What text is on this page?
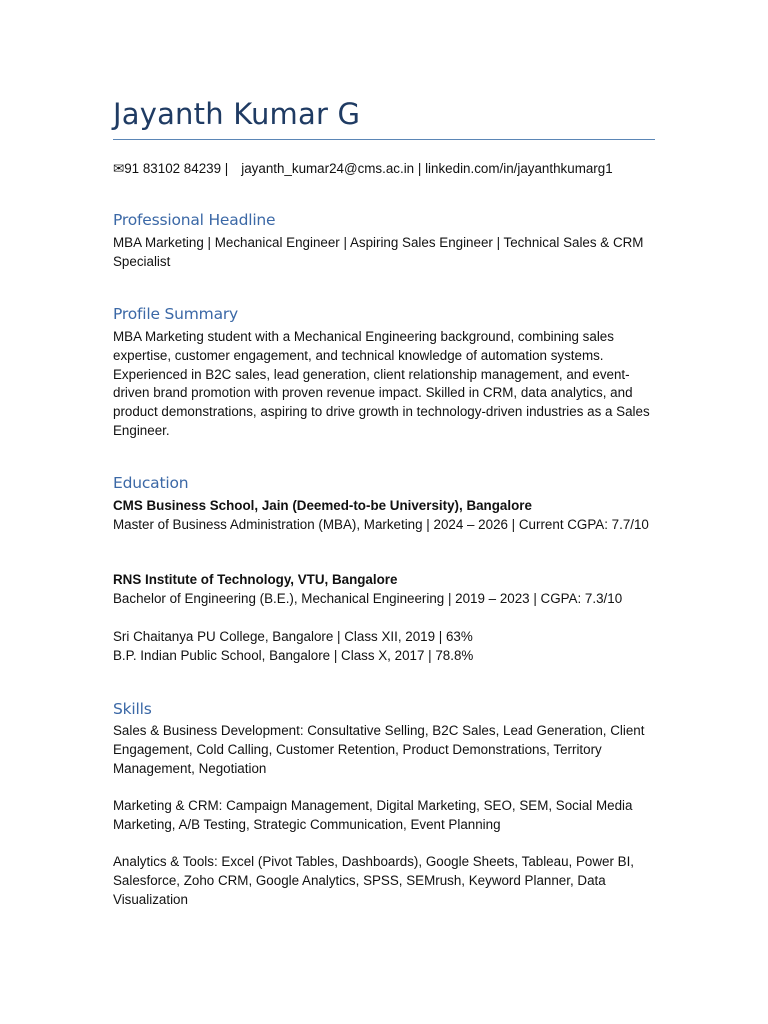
Jayanth Kumar G
✉91 83102 84239 | jayanth_kumar24@cms.ac.in | linkedin.com/in/jayanthkumarg1
Professional Headline
MBA Marketing | Mechanical Engineer | Aspiring Sales Engineer | Technical Sales & CRM Specialist
Profile Summary
MBA Marketing student with a Mechanical Engineering background, combining sales expertise, customer engagement, and technical knowledge of automation systems. Experienced in B2C sales, lead generation, client relationship management, and event-driven brand promotion with proven revenue impact. Skilled in CRM, data analytics, and product demonstrations, aspiring to drive growth in technology-driven industries as a Sales Engineer.
Education
CMS Business School, Jain (Deemed-to-be University), Bangalore
Master of Business Administration (MBA), Marketing | 2024 – 2026 | Current CGPA: 7.7/10
RNS Institute of Technology, VTU, Bangalore
Bachelor of Engineering (B.E.), Mechanical Engineering | 2019 – 2023 | CGPA: 7.3/10
Sri Chaitanya PU College, Bangalore | Class XII, 2019 | 63%
B.P. Indian Public School, Bangalore | Class X, 2017 | 78.8%
Skills
Sales & Business Development: Consultative Selling, B2C Sales, Lead Generation, Client Engagement, Cold Calling, Customer Retention, Product Demonstrations, Territory Management, Negotiation
Marketing & CRM: Campaign Management, Digital Marketing, SEO, SEM, Social Media Marketing, A/B Testing, Strategic Communication, Event Planning
Analytics & Tools: Excel (Pivot Tables, Dashboards), Google Sheets, Tableau, Power BI, Salesforce, Zoho CRM, Google Analytics, SPSS, SEMrush, Keyword Planner, Data Visualization
